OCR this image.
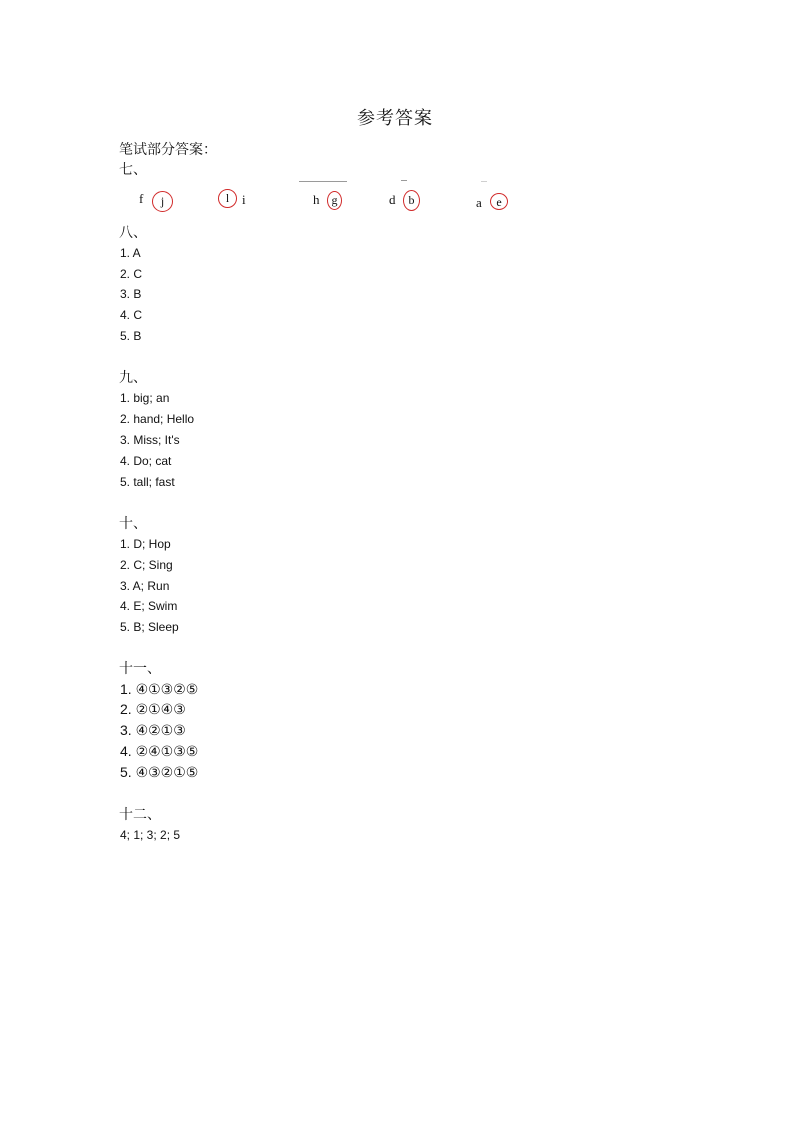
参考答案
笔试部分答案：
七、
f	j	l i	h	g	d	b	a	e
八、
1. A
2. C
3. B
4. C
5. B
九、
1. big; an
2. hand; Hello
3. Miss; It's
4. Do; cat
5. tall; fast
十、
1. D; Hop
2. C; Sing
3. A; Run
4. E; Swim
5. B; Sleep
十一、
1. ④①③②⑤
2. ②①④③
3. ④②①③
4. ②④①③⑤
5. ④③②①⑤
十二、
4; 1; 3; 2; 5
